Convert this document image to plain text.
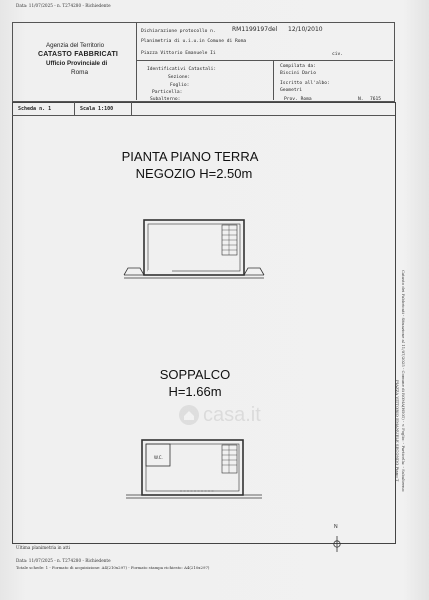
Data: 11/07/2025 - n. T274280 - Richiedente
Agenzia del Territorio
CATASTO FABBRICATI
Ufficio Provinciale di
Roma
Dichiarazione protocollo n.	RM1199197del 12/10/2010
Planimetria di u.i.u.in Comune di Roma
Piazza Vittorio Emanuele Ii	civ.
Identificativi Catastali:
Sezione:
Foglio:
Particella:
Subalterno:
Compilata da:
Biscini Dario
Iscritto all'albo:
Geometri
Prov. Roma	N. 7615
Scheda n. 1	Scala 1:100
PIANTA PIANO TERRA
NEGOZIO H=2.50m
SOPPALCO
H=1.66m
W.C.
N
casa.it	Catasto dei Fabbricati - Situazione al 11/07/2025 - Comune di ROMA(H501) - < Foglio: - Particella: - Subalterno:
PIAZZA VITTORIO EMANUELE SECONDO Piano T
Ultima planimetria in atti
Data: 11/07/2025 - n. T274280 - Richiedente
Totale schede: 1 - Formato di acquisizione: A4(210x297) - Formato stampa richiesto: A4(210x297)
